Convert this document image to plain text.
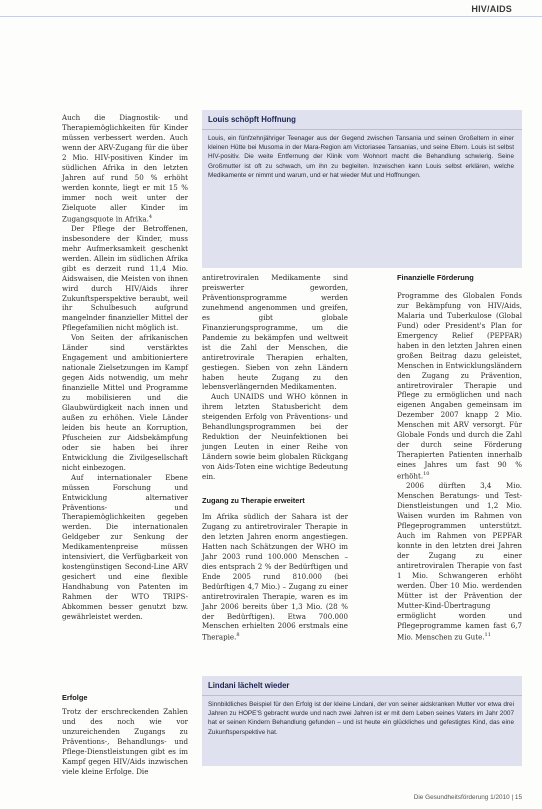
HIV/AIDS
Louis schöpft Hoffnung
Louis, ein fünfzehnjähriger Teenager aus der Gegend zwischen Tansania und seinen Großeltern in einer kleinen Hütte bei Musoma in der Mara-Region am Victoriasee Tansanias, und seine Eltern. Louis ist selbst HIV-positiv. Die weite Entfernung der Klinik vom Wohnort macht die Behandlung schwierig. Seine Großmutter ist oft zu schwach, um ihn zu begleiten. Inzwischen kann Louis selbst erklären, welche Medikamente er nimmt und warum, und er hat wieder Mut und Hoffnungen.

Auch die Diagnostik- und Therapiemöglichkeiten für Kinder müssen verbessert werden. Auch wenn der ARV-Zugang für die über 2 Mio. HIV-positiven Kinder im südlichen Afrika in den letzten Jahren auf rund 50 % erhöht werden konnte, liegt er mit 15 % immer noch weit unter der Zielquote aller Kinder im Zugangsquote in Afrika.$^4$

Der Pflege der Betroffenen, insbesondere der Kinder, muss mehr Aufmerksamkeit geschenkt werden. Allein im südlichen Afrika gibt es derzeit rund 11,4 Mio. Aidswaisen, die Meisten von ihnen wird durch HIV/Aids ihrer Zukunftsperspektive beraubt, weil ihr Schulbesuch aufgrund mangelnder finanzieller Mittel der Pflegefamilien nicht möglich ist.

Von Seiten der afrikanischen Länder sind verstärktes Engagement und ambitioniertere nationale Zielsetzungen im Kampf gegen Aids notwendig, um mehr finanzielle Mittel und Programme zu mobilisieren und die Glaubwürdigkeit nach innen und außen zu erhöhen. Viele Länder leiden bis heute an Korruption, Pfuscheien zur Aidsbekämpfung oder sie haben bei ihrer Entwicklung die Zivilgesellschaft nicht einbezogen.

Auf internationaler Ebene müssen Forschung und Entwicklung alternativer Präventions- und Therapiemöglichkeiten gegeben werden. Die internationalen Geldgeber zur Senkung der Medikamentenpreise müssen intensiviert, die Verfügbarkeit von kostengünstigen Second-Line ARV gesichert und eine flexible Handhabung von Patenten im Rahmen der WTO TRIPS-Abkommen besser genutzt bzw. gewährleistet werden.

Erfolge

Trotz der erschreckenden Zahlen und des noch wie vor unzureichenden Zugangs zu Präventions-, Behandlungs- und Pflege-Dienstleistungen gibt es im Kampf gegen HIV/Aids inzwischen viele kleine Erfolge. Die

antiretroviralen Medikamente sind preiswerter geworden, Präventionsprogramme werden zunehmend angenommen und greifen, es gibt globale Finanzierungsprogramme, um die Pandemie zu bekämpfen und weltweit ist die Zahl der Menschen, die antiretrovirale Therapien erhalten, gestiegen. Sieben von zehn Ländern haben heute Zugang zu den lebensverlängernden Medikamenten.

Auch UNAIDS und WHO können in ihrem letzten Statusbericht dem steigenden Erfolg von Präventions- und Behandlungsprogrammen bei der Reduktion der Neuinfektionen bei jungen Leuten in einer Reihe von Ländern sowie beim globalen Rückgang von Aids-Toten eine wichtige Bedeutung ein.

Zugang zu Therapie erweitert

Im Afrika südlich der Sahara ist der Zugang zu antiretroviraler Therapie in den letzten Jahren enorm angestiegen. Hatten nach Schätzungen der WHO im Jahr 2003 rund 100.000 Menschen – dies entsprach 2 % der Bedürftigen und Ende 2005 rund 810.000 (bei Bedürftigen 4,7 Mio.) – Zugang zu einer antiretroviralen Therapie, waren es im Jahr 2006 bereits über 1,3 Mio. (28 % der Bedürftigen). Etwa 700.000 Menschen erhielten 2006 erstmals eine Therapie.$^8$

Finanzielle Förderung

Programme des Globalen Fonds zur Bekämpfung von HIV/Aids, Malaria und Tuberkulose (Global Fund) oder President's Plan for Emergency Relief (PEPFAR) haben in den letzten Jahren einen großen Beitrag dazu geleistet, Menschen in Entwicklungsländern den Zugang zu Prävention, antiretroviraler Therapie und Pflege zu ermöglichen und nach eigenen Angaben gemeinsam im Dezember 2007 knapp 2 Mio. Menschen mit ARV versorgt. Für Globale Fonds und durch die Zahl der durch seine Förderung Therapierten Patienten innerhalb eines Jahres um fast 90 % erhöht.$^{10}$

2006 dürften 3,4 Mio. Menschen Beratungs- und Test-Dienstleistungen und 1,2 Mio. Waisen wurden im Rahmen von Pflegeprogrammen unterstützt. Auch im Rahmen von PEPFAR konnte in den letzten drei Jahren der Zugang zu einer antiretroviralen Therapie von fast 1 Mio. Schwangeren erhöht werden. Über 10 Mio. werdenden Mütter ist der Prävention der Mutter-Kind-Übertragung ermöglicht worden und Pflegeprogramme kamen fast 6,7 Mio. Menschen zu Gute.$^{11}$

Lindani lächelt wieder
Sinnbildliches Beispiel für den Erfolg ist der kleine Lindani, der von seiner aidskranken Mutter vor etwa drei Jahren zu HOPE'S gebracht wurde und nach zwei Jahren ist er mit dem Leben seines Vaters im Jahr 2007 hat er seinen Kindern Behandlung gefunden – und ist heute ein glückliches und gefestigtes Kind, das eine Zukunftsperspektive hat.
Die Gesundheitsförderung 1/2010 | 15
